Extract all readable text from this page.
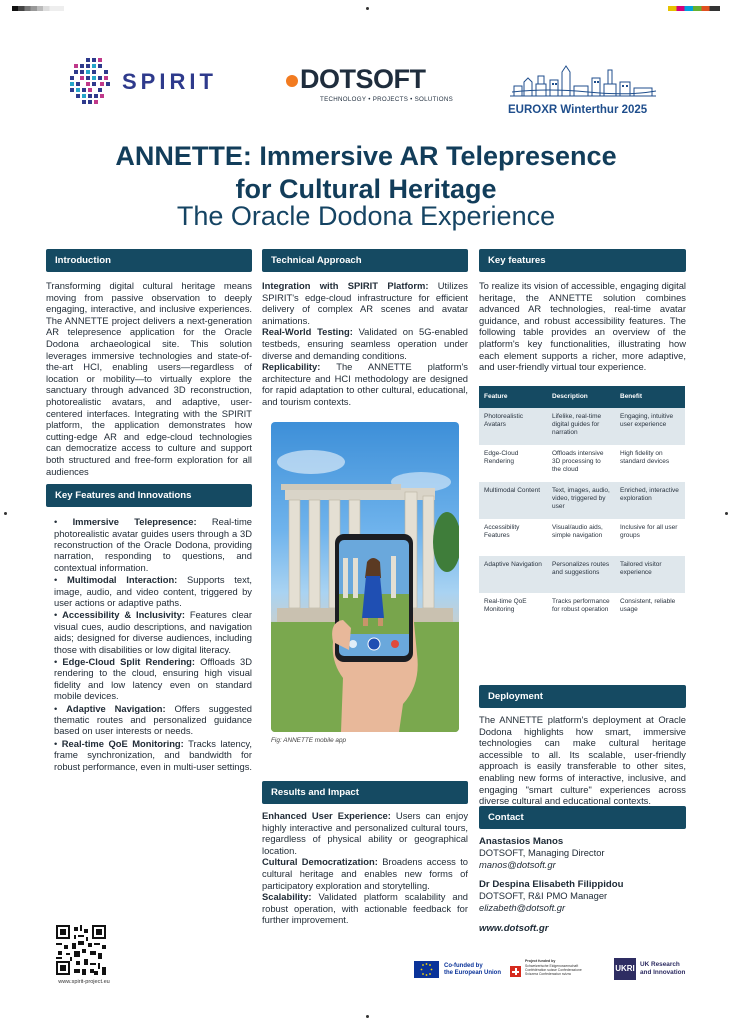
SPIRIT	DOTSOFT
TECHNOLOGY • PROJECTS • SOLUTIONS
EUROXR Winterthur 2025
ANNETTE: Immersive AR Telepresence
for Cultural Heritage
The Oracle Dodona Experience
Introduction

Transforming digital cultural heritage means moving from passive observation to deeply engaging, interactive, and inclusive experiences. The ANNETTE project delivers a next-generation AR telepresence application for the Oracle Dodona archaeological site. This solution leverages immersive technologies and state-of-the-art HCI, enabling users—regardless of location or mobility—to virtually explore the sanctuary through advanced 3D reconstruction, photorealistic avatars, and adaptive, user-centered interfaces. Integrating with the SPIRIT platform, the application demonstrates how cutting-edge AR and edge-cloud technologies can democratize access to culture and support both structured and free-form exploration for all audiences

Key Features and Innovations
• Immersive Telepresence: Real-time photorealistic avatar guides users through a 3D reconstruction of the Oracle Dodona, providing narration, responding to questions, and contextual information.
• Multimodal Interaction: Supports text, image, audio, and video content, triggered by user actions or adaptive paths.
• Accessibility & Inclusivity: Features clear visual cues, audio descriptions, and navigation aids; designed for diverse audiences, including those with disabilities or low digital literacy.
• Edge-Cloud Split Rendering: Offloads 3D rendering to the cloud, ensuring high visual fidelity and low latency even on standard mobile devices.
• Adaptive Navigation: Offers suggested thematic routes and personalized guidance based on user interests or needs.
• Real-time QoE Monitoring: Tracks latency, frame synchronization, and bandwidth for robust performance, even in multi-user settings.
Technical Approach

Integration with SPIRIT Platform: Utilizes SPIRIT's edge-cloud infrastructure for efficient delivery of complex AR scenes and avatar animations.

Real-World Testing: Validated on 5G-enabled testbeds, ensuring seamless operation under diverse and demanding conditions.

Replicability: The ANNETTE platform's architecture and HCI methodology are designed for rapid adaptation to other cultural, educational, and tourism contexts.

Fig: ANNETTE mobile app
Results and Impact

Enhanced User Experience: Users can enjoy highly interactive and personalized cultural tours, regardless of physical ability or geographical location.

Cultural Democratization: Broadens access to cultural heritage and enables new forms of participatory exploration and storytelling.

Scalability: Validated platform scalability and robust operation, with actionable feedback for further improvement.

Key features

To realize its vision of accessible, engaging digital heritage, the ANNETTE solution combines advanced AR technologies, real-time avatar guidance, and robust accessibility features. The following table provides an overview of the platform's key functionalities, illustrating how each element supports a richer, more adaptive, and user-friendly virtual tour experience.

Feature	Description	Benefit
Photorealistic Avatars	Lifelike, real-time digital guides for narration	Engaging, intuitive user experience
Edge-Cloud Rendering	Offloads intensive 3D processing to the cloud	High fidelity on standard devices
Multimodal Content	Text, images, audio, video, triggered by user	Enriched, interactive exploration
Accessibility Features	Visual/audio aids, simple navigation	Inclusive for all user groups
Adaptive Navigation	Personalizes routes and suggestions	Tailored visitor experience
Real-time QoE Monitoring	Tracks performance for robust operation	Consistent, reliable usage
Deployment

The ANNETTE platform's deployment at Oracle Dodona highlights how smart, immersive technologies can make cultural heritage accessible to all. Its scalable, user-friendly approach is easily transferable to other sites, enabling new forms of interactive, inclusive, and engaging "smart culture" experiences across diverse cultural and educational contexts.

Contact
Anastasios Manos
DOTSOFT, Managing Director
manos@dotsoft.gr
Dr Despina Elisabeth Filippidou
DOTSOFT, R&I PMO Manager
elizabeth@dotsoft.gr
www.dotsoft.gr
www.spirit-project.eu
Co-funded by
the European Union
Project funded by
Schweizerische Eidgenossenschaft Confédération suisse Confederazione Svizzera Confederaziun svizra
UKRI UK Research
and Innovation
